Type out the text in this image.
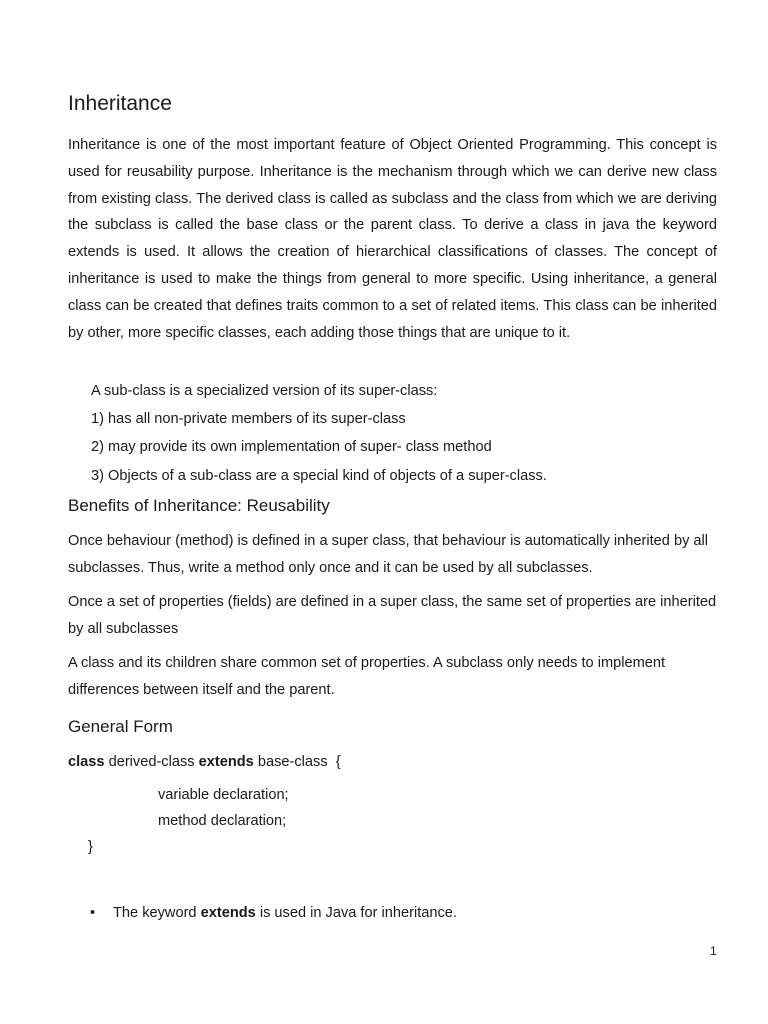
Inheritance

Inheritance is one of the most important feature of Object Oriented Programming. This concept is used for reusability purpose. Inheritance is the mechanism through which we can derive new class from existing class. The derived class is called as subclass and the class from which we are deriving the subclass is called the base class or the parent class. To derive a class in java the keyword extends is used. It allows the creation of hierarchical classifications of classes. The concept of inheritance is used to make the things from general to more specific. Using inheritance, a general class can be created that defines traits common to a set of related items. This class can be inherited by other, more specific classes, each adding those things that are unique to it.

A sub-class is a specialized version of its super-class:

1) has all non-private members of its super-class

2) may provide its own implementation of super- class method

3) Objects of a sub-class are a special kind of objects of a super-class.

Benefits of Inheritance: Reusability

Once behaviour (method) is defined in a super class, that behaviour is automatically inherited by all subclasses. Thus, write a method only once and it can be used by all subclasses.

Once a set of properties (fields) are defined in a super class, the same set of properties are inherited by all subclasses

A class and its children share common set of properties. A subclass only needs to implement differences between itself and the parent.

General Form

class derived-class extends base-class  {

variable declaration;

method declaration;

}

• The keyword extends is used in Java for inheritance.

1
